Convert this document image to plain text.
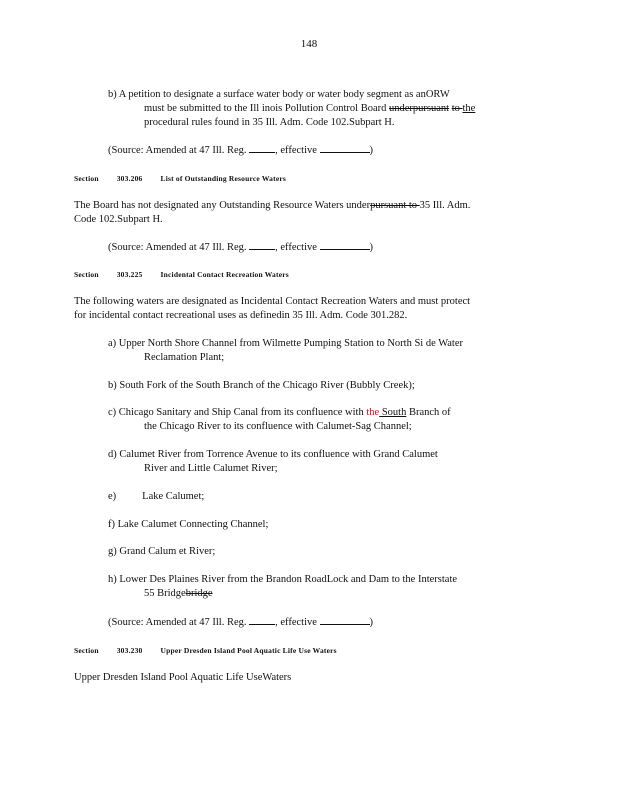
148
b) A petition to designate a surface water body or water body segment as anORW
must be submitted to the Ill inois Pollution Control Board underpursuant to the
procedural rules found in 35 Ill. Adm. Code 102.Subpart H.
(Source: Amended at 47 Ill. Reg. , effective	)
Section 303.206 List of Outstanding Resource Waters
The Board has not designated any Outstanding Resource Waters underpursuant to 35 Ill. Adm.
Code 102.Subpart H.
(Source: Amended at 47 Ill. Reg. , effective	)
Section 303.225 Incidental Contact Recreation Waters
The following waters are designated as Incidental Contact Recreation Waters and must protect
for incidental contact recreational uses as definedin 35 Ill. Adm. Code 301.282.
a) Upper North Shore Channel from Wilmette Pumping Station to North Si de Water
Reclamation Plant;
b) South Fork of the South Branch of the Chicago River (Bubbly Creek);
c) Chicago Sanitary and Ship Canal from its confluence with the South Branch of
the Chicago River to its confluence with Calumet-Sag Channel;
d) Calumet River from Torrence Avenue to its confluence with Grand Calumet
River and Little Calumet River;
e) Lake Calumet;
f) Lake Calumet Connecting Channel;
g) Grand Calum et River;
h) Lower Des Plaines River from the Brandon RoadLock and Dam to the Interstate
55 Bridgebridge
(Source: Amended at 47 Ill. Reg. , effective	)
Section 303.230 Upper Dresden Island Pool Aquatic Life Use Waters
Upper Dresden Island Pool Aquatic Life UseWaters
